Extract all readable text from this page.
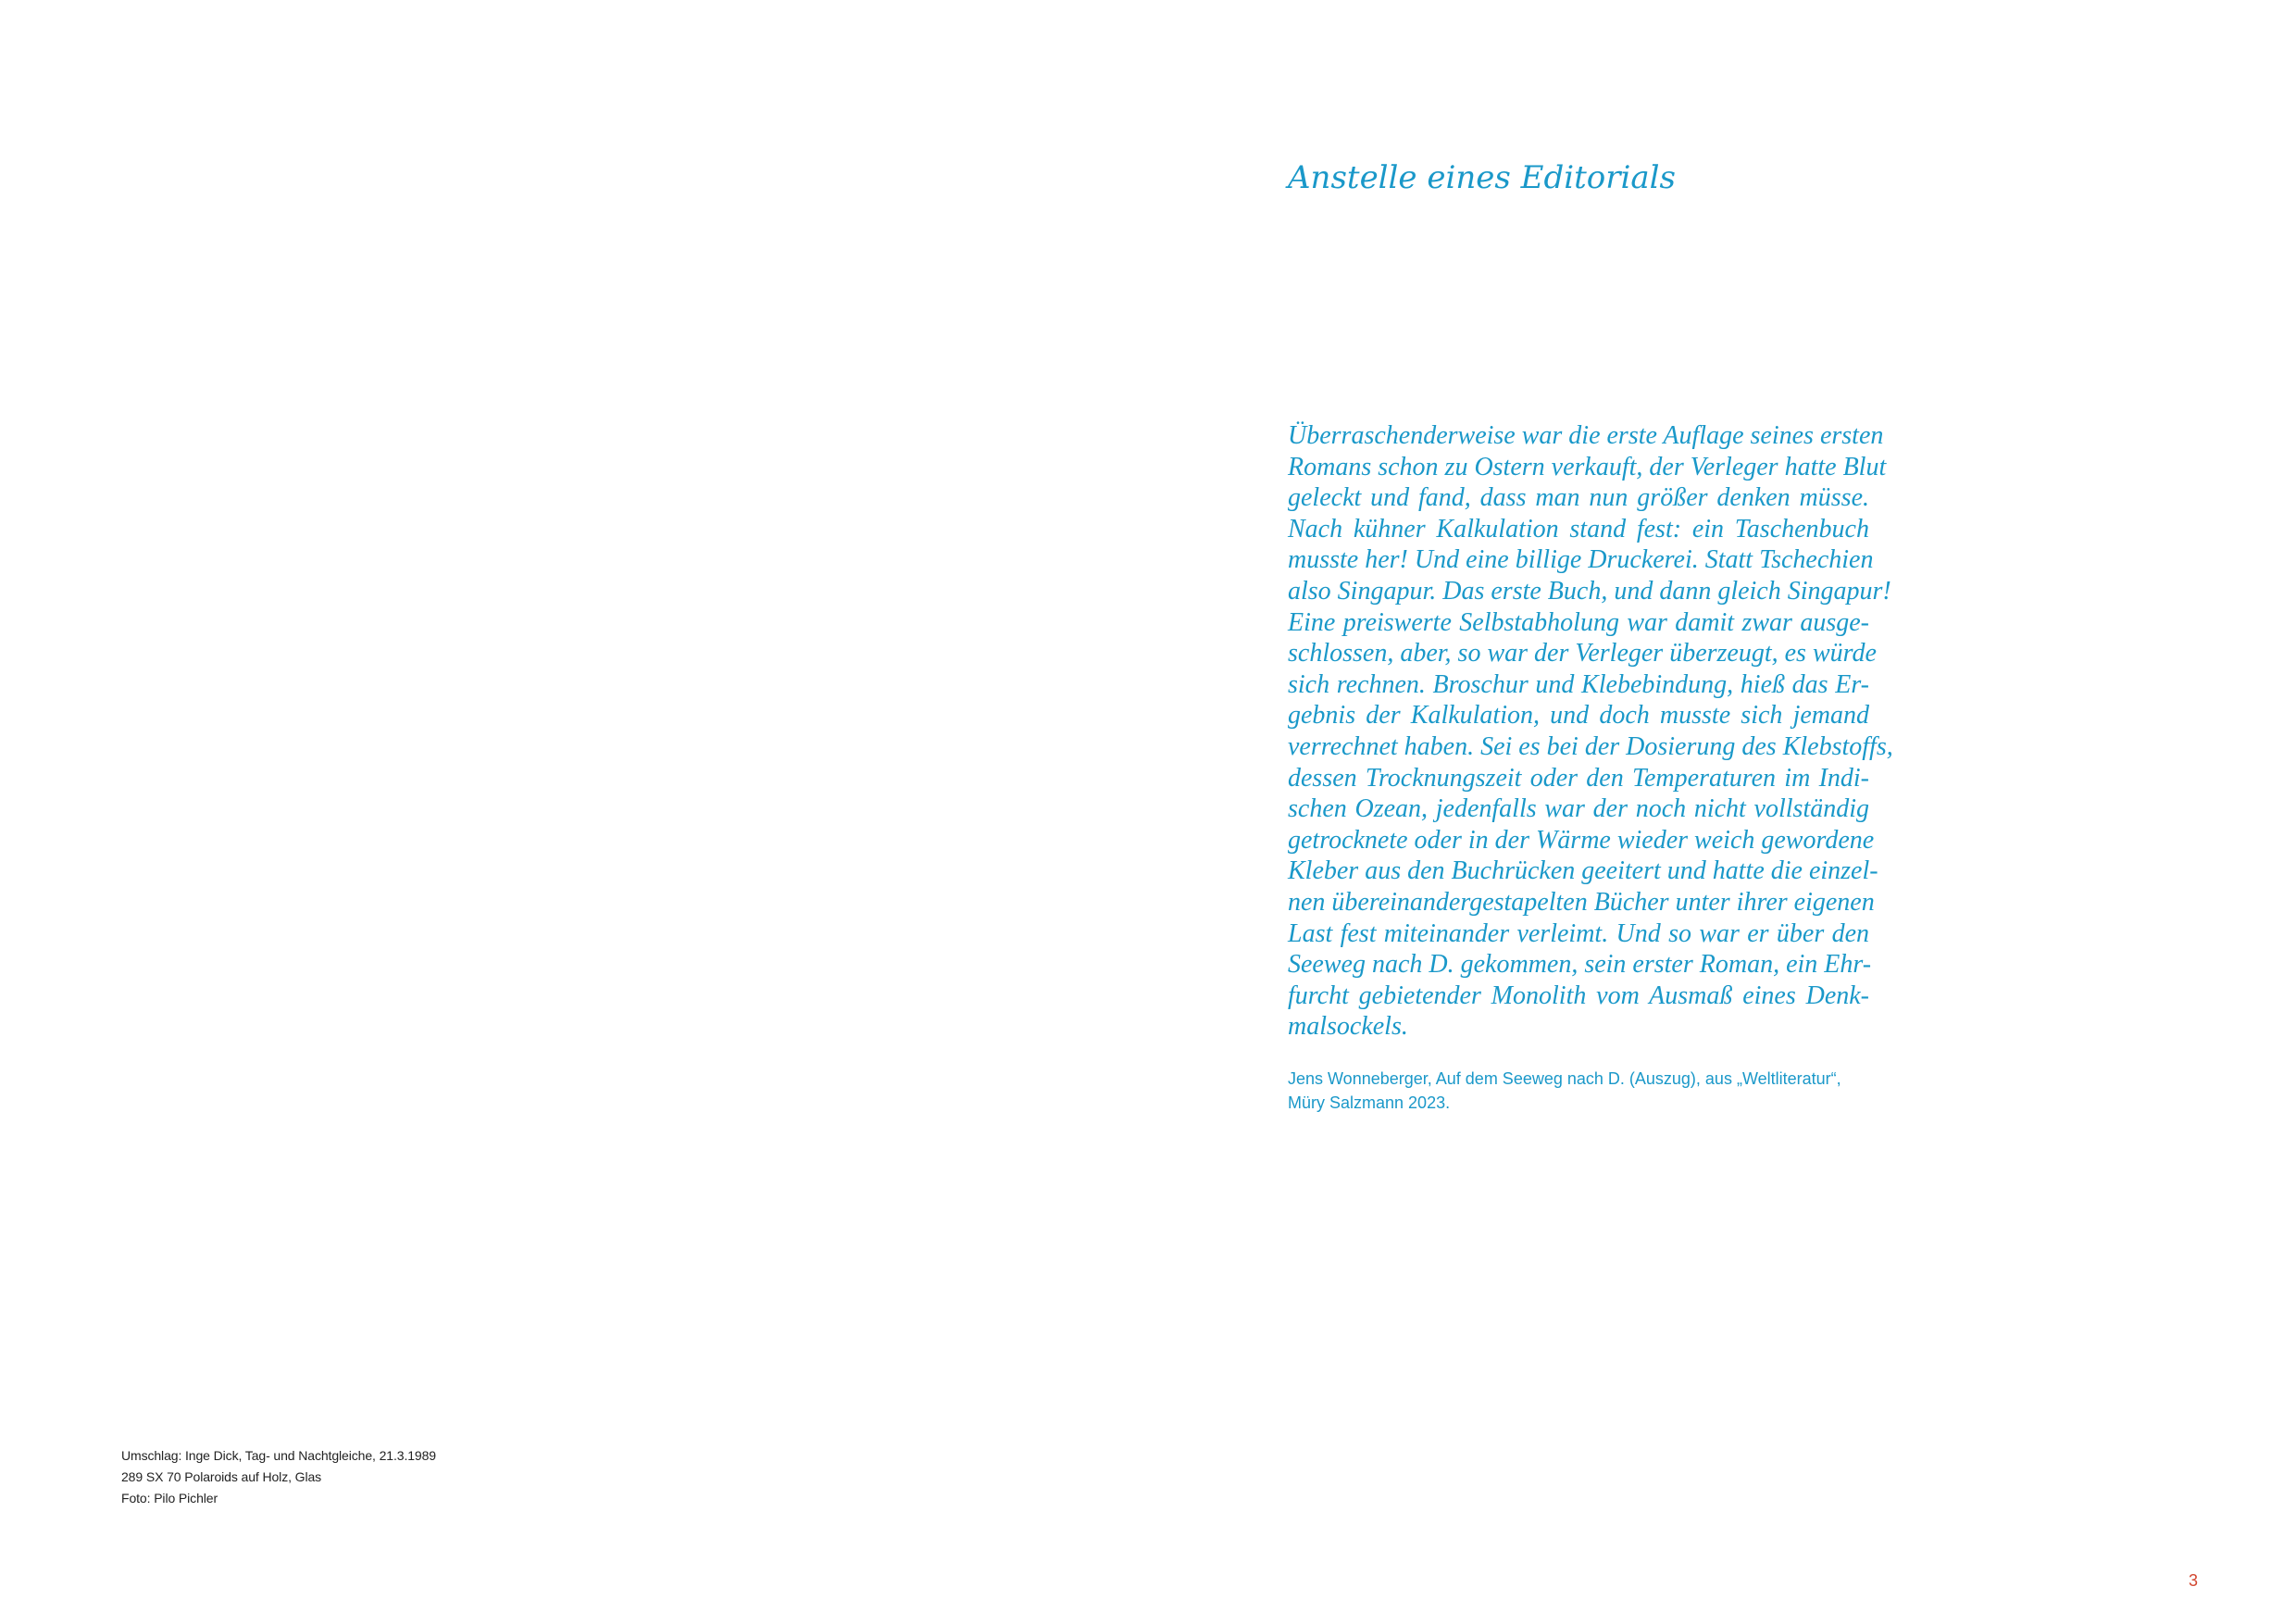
Umschlag: Inge Dick, Tag- und Nachtgleiche, 21.3.1989
289 SX 70 Polaroids auf Holz, Glas
Foto: Pilo Pichler
Anstelle eines Editorials

Überraschenderweise war die erste Auflage seines ersten
Romans schon zu Ostern verkauft, der Verleger hatte Blut
geleckt und fand, dass man nun größer denken müsse.
Nach kühner Kalkulation stand fest: ein Taschenbuch
musste her! Und eine billige Druckerei. Statt Tschechien
also Singapur. Das erste Buch, und dann gleich Singapur!
Eine preiswerte Selbstabholung war damit zwar ausge-
schlossen, aber, so war der Verleger überzeugt, es würde
sich rechnen. Broschur und Klebebindung, hieß das Er-
gebnis der Kalkulation, und doch musste sich jemand
verrechnet haben. Sei es bei der Dosierung des Klebstoffs,
dessen Trocknungszeit oder den Temperaturen im Indi-
schen Ozean, jedenfalls war der noch nicht vollständig
getrocknete oder in der Wärme wieder weich gewordene
Kleber aus den Buchrücken geeitert und hatte die einzel-
nen übereinandergestapelten Bücher unter ihrer eigenen
Last fest miteinander verleimt. Und so war er über den
Seeweg nach D. gekommen, sein erster Roman, ein Ehr-
furcht gebietender Monolith vom Ausmaß eines Denk-
malsockels.

Jens Wonneberger, Auf dem Seeweg nach D. (Auszug), aus „Weltliteratur“,
Müry Salzmann 2023.
3
